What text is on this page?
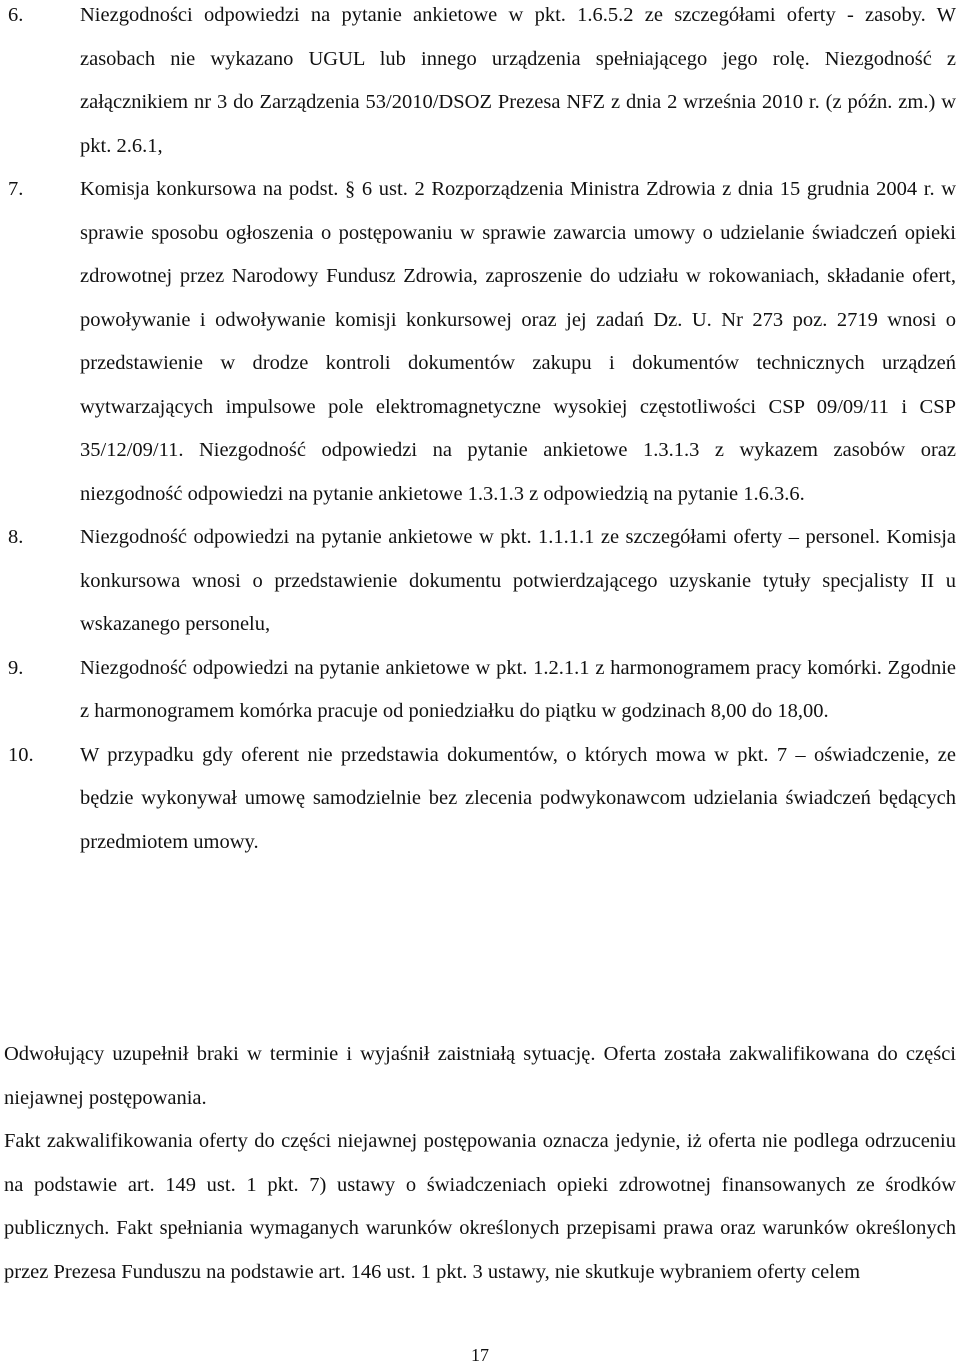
6.	Niezgodności odpowiedzi na pytanie ankietowe w pkt. 1.6.5.2 ze szczegółami oferty - zasoby. W zasobach nie wykazano UGUL lub innego urządzenia spełniającego jego rolę. Niezgodność z załącznikiem nr 3 do Zarządzenia 53/2010/DSOZ Prezesa NFZ z dnia 2 września 2010 r. (z późn. zm.) w pkt. 2.6.1,
7.	Komisja konkursowa na podst. § 6 ust. 2 Rozporządzenia Ministra Zdrowia z dnia 15 grudnia 2004 r. w sprawie sposobu ogłoszenia o postępowaniu w sprawie zawarcia umowy o udzielanie świadczeń opieki zdrowotnej przez Narodowy Fundusz Zdrowia, zaproszenie do udziału w rokowaniach, składanie ofert, powoływanie i odwoływanie komisji konkursowej oraz jej zadań Dz. U. Nr 273 poz. 2719 wnosi o przedstawienie w drodze kontroli dokumentów zakupu i dokumentów technicznych urządzeń wytwarzających impulsowe pole elektromagnetyczne wysokiej częstotliwości CSP 09/09/11 i CSP 35/12/09/11. Niezgodność odpowiedzi na pytanie ankietowe 1.3.1.3 z wykazem zasobów oraz niezgodność odpowiedzi na pytanie ankietowe 1.3.1.3 z odpowiedzią na pytanie 1.6.3.6.
8.	Niezgodność odpowiedzi na pytanie ankietowe w pkt. 1.1.1.1 ze szczegółami oferty – personel. Komisja konkursowa wnosi o przedstawienie dokumentu potwierdzającego uzyskanie tytuły specjalisty II u wskazanego personelu,
9.	Niezgodność odpowiedzi na pytanie ankietowe w pkt. 1.2.1.1 z harmonogramem pracy komórki. Zgodnie z harmonogramem komórka pracuje od poniedziałku do piątku w godzinach 8,00 do 18,00.
10.	W przypadku gdy oferent nie przedstawia dokumentów, o których mowa w pkt. 7 – oświadczenie, ze będzie wykonywał umowę samodzielnie bez zlecenia podwykonawcom udzielania świadczeń będących przedmiotem umowy.

Odwołujący uzupełnił braki w terminie i wyjaśnił zaistniałą sytuację. Oferta została zakwalifikowana do części niejawnej postępowania.

Fakt zakwalifikowania oferty do części niejawnej postępowania oznacza jedynie, iż oferta nie podlega odrzuceniu na podstawie art. 149 ust. 1 pkt. 7) ustawy o świadczeniach opieki zdrowotnej finansowanych ze środków publicznych. Fakt spełniania wymaganych warunków określonych przepisami prawa oraz warunków określonych przez Prezesa Funduszu na podstawie art. 146 ust. 1 pkt. 3 ustawy, nie skutkuje wybraniem oferty celem

17
